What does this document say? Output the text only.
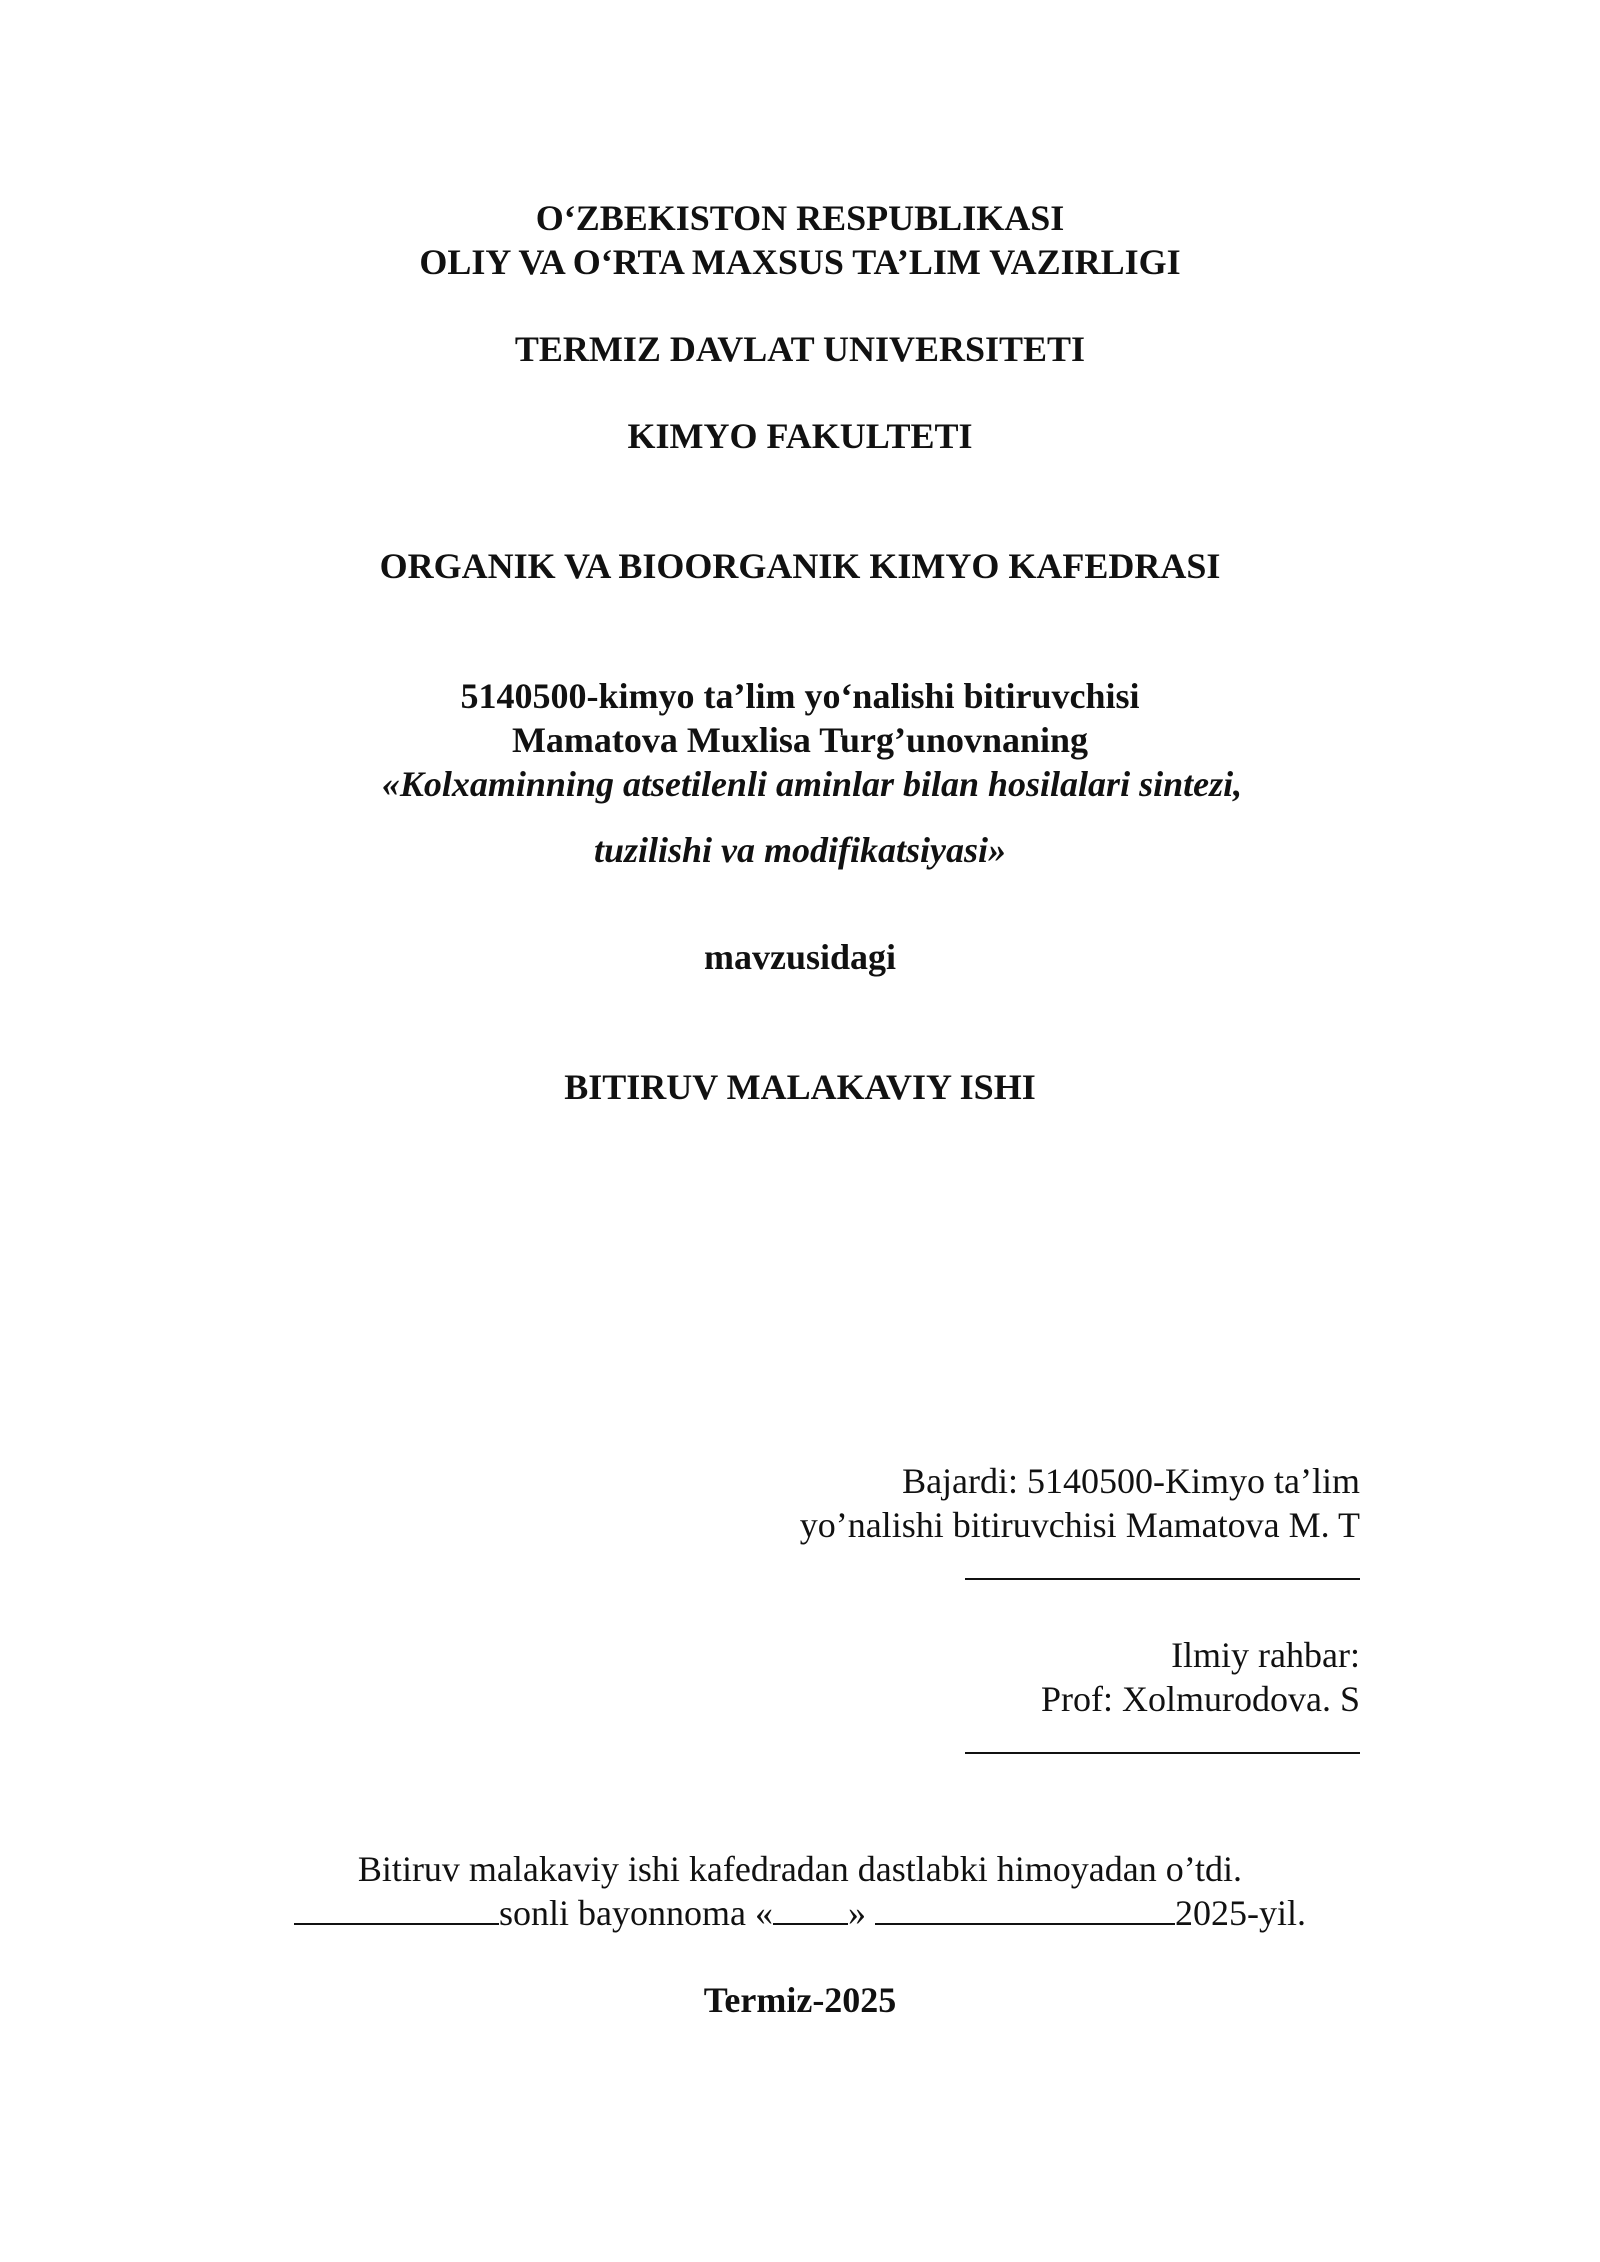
O‘ZBEKISTON RESPUBLIKASI
OLIY VA O‘RTA MAXSUS TA’LIM VAZIRLIGI
TERMIZ DAVLAT UNIVERSITETI
KIMYO FAKULTETI
ORGANIK VA BIOORGANIK KIMYO KAFEDRASI
5140500-kimyo ta’lim yo‘nalishi bitiruvchisi
Mamatova Muxlisa Turg’unovnaning
«Kolxaminning atsetilenli aminlar bilan hosilalari sintezi,
tuzilishi va modifikatsiyasi»
mavzusidagi
BITIRUV MALAKAVIY ISHI
Bajardi: 5140500-Kimyo ta’lim
yo’nalishi bitiruvchisi Mamatova M. T
Ilmiy rahbar:
Prof: Xolmurodova. S
Bitiruv malakaviy ishi kafedradan dastlabki himoyadan o’tdi.
sonli bayonnoma « »	2025-yil.
Termiz-2025
